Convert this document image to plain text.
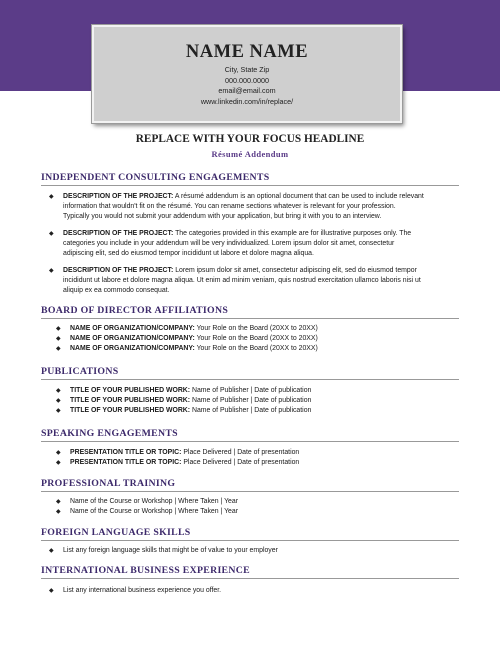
NAME NAME
City, State Zip
000.000.0000
email@email.com
www.linkedin.com/in/replace/
REPLACE WITH YOUR FOCUS HEADLINE
Résumé Addendum
INDEPENDENT CONSULTING ENGAGEMENTS
◆ DESCRIPTION OF THE PROJECT: A résumé addendum is an optional document that can be used to include relevant
information that wouldn't fit on the résumé. You can rename sections whatever is relevant for your profession.
Typically you would not submit your addendum with your application, but bring it with you to an interview.
◆ DESCRIPTION OF THE PROJECT: The categories provided in this example are for illustrative purposes only. The
categories you include in your addendum will be very individualized. Lorem ipsum dolor sit amet, consectetur
adipiscing elit, sed do eiusmod tempor incididunt ut labore et dolore magna aliqua.
◆ DESCRIPTION OF THE PROJECT: Lorem ipsum dolor sit amet, consectetur adipiscing elit, sed do eiusmod tempor
incididunt ut labore et dolore magna aliqua. Ut enim ad minim veniam, quis nostrud exercitation ullamco laboris nisi ut
aliquip ex ea commodo consequat.
BOARD OF DIRECTOR AFFILIATIONS
◆ NAME OF ORGANIZATION/COMPANY: Your Role on the Board (20XX to 20XX)
◆ NAME OF ORGANIZATION/COMPANY: Your Role on the Board (20XX to 20XX)
◆ NAME OF ORGANIZATION/COMPANY: Your Role on the Board (20XX to 20XX)
PUBLICATIONS
◆ TITLE OF YOUR PUBLISHED WORK: Name of Publisher | Date of publication
◆ TITLE OF YOUR PUBLISHED WORK: Name of Publisher | Date of publication
◆ TITLE OF YOUR PUBLISHED WORK: Name of Publisher | Date of publication
SPEAKING ENGAGEMENTS
◆ PRESENTATION TITLE OR TOPIC: Place Delivered | Date of presentation
◆ PRESENTATION TITLE OR TOPIC: Place Delivered | Date of presentation
PROFESSIONAL TRAINING
◆ Name of the Course or Workshop | Where Taken | Year
◆ Name of the Course or Workshop | Where Taken | Year
FOREIGN LANGUAGE SKILLS
◆ List any foreign language skills that might be of value to your employer
INTERNATIONAL BUSINESS EXPERIENCE
◆ List any international business experience you offer.
